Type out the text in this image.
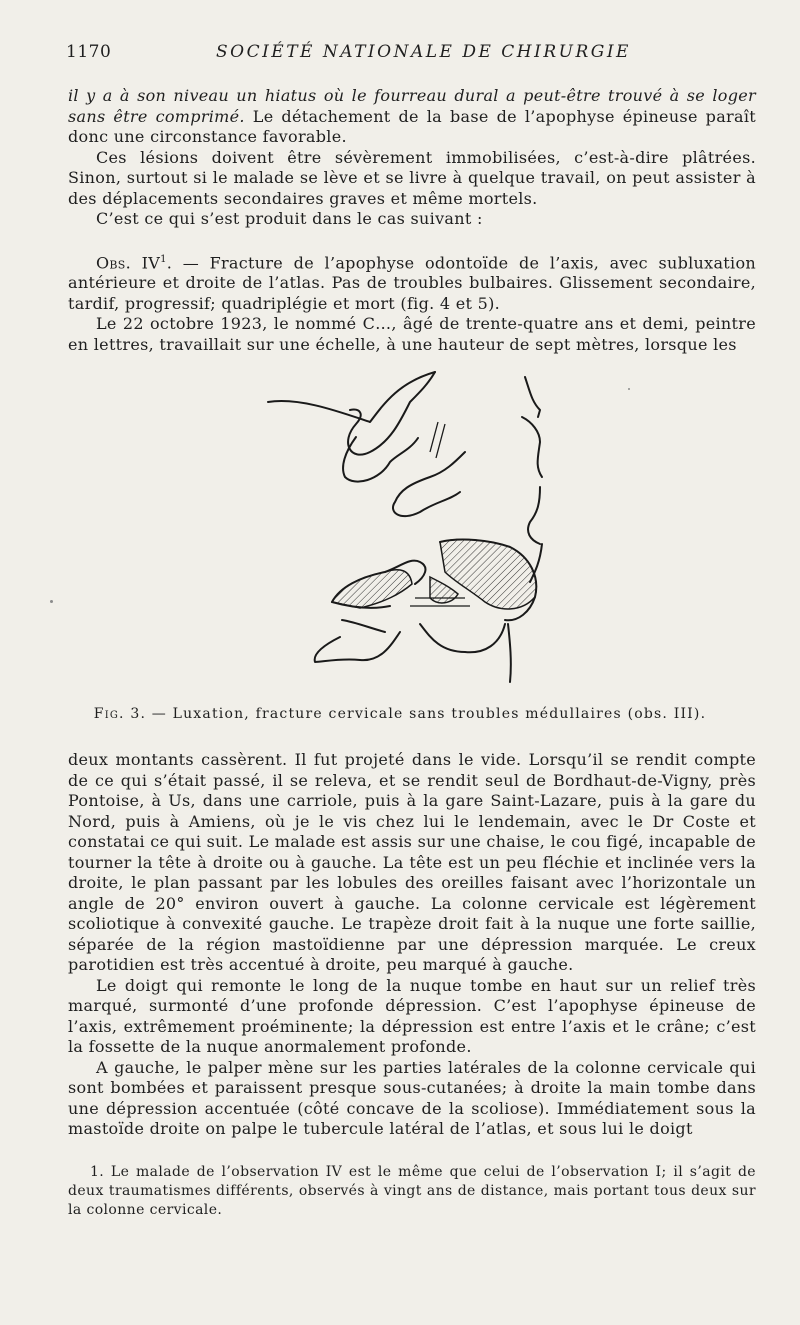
1170	SOCIÉTÉ NATIONALE DE CHIRURGIE

il y a à son niveau un hiatus où le fourreau dural a peut-être trouvé à se loger sans être comprimé. Le détachement de la base de l’apophyse épineuse paraît donc une circonstance favorable.

Ces lésions doivent être sévèrement immobilisées, c’est-à-dire plâtrées. Sinon, surtout si le malade se lève et se livre à quelque travail, on peut assister à des déplacements secondaires graves et même mortels.

C’est ce qui s’est produit dans le cas suivant :

Obs. $IV^1$. — Fracture de l’apophyse odontoïde de l’axis, avec subluxation antérieure et droite de l’atlas. Pas de troubles bulbaires. Glissement secondaire, tardif, progressif; quadriplégie et mort (fig. 4 et 5).

Le 22 octobre 1923, le nommé C…, âgé de trente-quatre ans et demi, peintre en lettres, travaillait sur une échelle, à une hauteur de sept mètres, lorsque les

Fig. 3. — Luxation, fracture cervicale sans troubles médullaires (obs. III).

deux montants cassèrent. Il fut projeté dans le vide. Lorsqu’il se rendit compte de ce qui s’était passé, il se releva, et se rendit seul de Bordhaut-de-Vigny, près Pontoise, à Us, dans une carriole, puis à la gare Saint-Lazare, puis à la gare du Nord, puis à Amiens, où je le vis chez lui le lendemain, avec le Dr Coste et constatai ce qui suit. Le malade est assis sur une chaise, le cou figé, incapable de tourner la tête à droite ou à gauche. La tête est un peu fléchie et inclinée vers la droite, le plan passant par les lobules des oreilles faisant avec l’horizontale un angle de 20° environ ouvert à gauche. La colonne cervicale est légèrement scoliotique à convexité gauche. Le trapèze droit fait à la nuque une forte saillie, séparée de la région mastoïdienne par une dépression marquée. Le creux parotidien est très accentué à droite, peu marqué à gauche.

Le doigt qui remonte le long de la nuque tombe en haut sur un relief très marqué, surmonté d’une profonde dépression. C’est l’apophyse épineuse de l’axis, extrêmement proéminente; la dépression est entre l’axis et le crâne; c’est la fossette de la nuque anormalement profonde.

A gauche, le palper mène sur les parties latérales de la colonne cervicale qui sont bombées et paraissent presque sous-cutanées; à droite la main tombe dans une dépression accentuée (côté concave de la scoliose). Immédiatement sous la mastoïde droite on palpe le tubercule latéral de l’atlas, et sous lui le doigt

1. Le malade de l’observation IV est le même que celui de l’observation I; il s’agit de deux traumatismes différents, observés à vingt ans de distance, mais portant tous deux sur la colonne cervicale.
